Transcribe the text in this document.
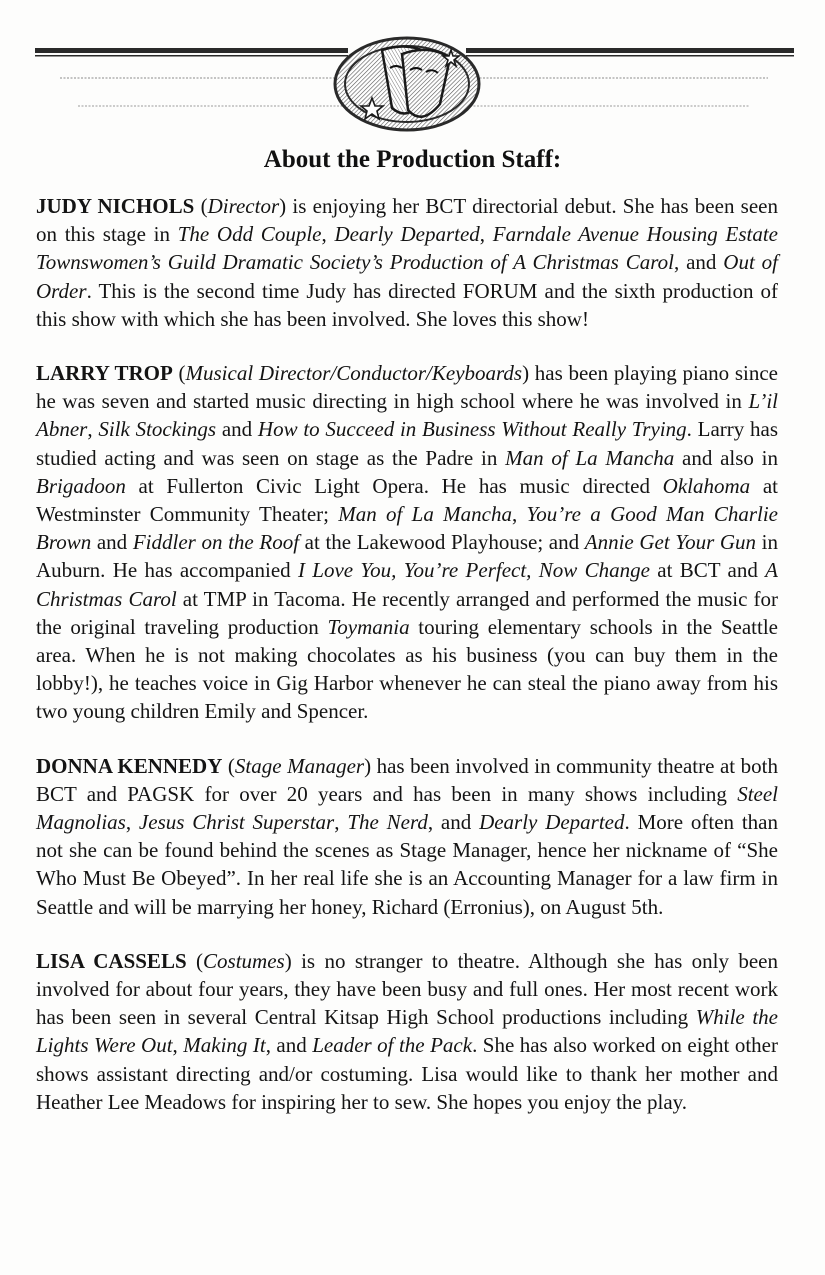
About the Production Staff:

JUDY NICHOLS (Director) is enjoying her BCT directorial debut. She has been seen on this stage in The Odd Couple, Dearly Departed, Farndale Avenue Housing Estate Townswomen’s Guild Dramatic Society’s Production of A Christmas Carol, and Out of Order. This is the second time Judy has directed FORUM and the sixth production of this show with which she has been involved. She loves this show!

LARRY TROP (Musical Director/Conductor/Keyboards) has been playing piano since he was seven and started music directing in high school where he was involved in L’il Abner, Silk Stockings and How to Succeed in Business Without Really Trying. Larry has studied acting and was seen on stage as the Padre in Man of La Mancha and also in Brigadoon at Fullerton Civic Light Opera. He has music directed Oklahoma at Westminster Community Theater; Man of La Mancha, You’re a Good Man Charlie Brown and Fiddler on the Roof at the Lakewood Playhouse; and Annie Get Your Gun in Auburn. He has accompanied I Love You, You’re Perfect, Now Change at BCT and A Christmas Carol at TMP in Tacoma. He recently arranged and performed the music for the original traveling production Toymania touring elementary schools in the Seattle area. When he is not making chocolates as his business (you can buy them in the lobby!), he teaches voice in Gig Harbor whenever he can steal the piano away from his two young children Emily and Spencer.

DONNA KENNEDY (Stage Manager) has been involved in community theatre at both BCT and PAGSK for over 20 years and has been in many shows including Steel Magnolias, Jesus Christ Superstar, The Nerd, and Dearly Departed. More often than not she can be found behind the scenes as Stage Manager, hence her nickname of “She Who Must Be Obeyed”. In her real life she is an Accounting Manager for a law firm in Seattle and will be marrying her honey, Richard (Erronius), on August 5th.

LISA CASSELS (Costumes) is no stranger to theatre. Although she has only been involved for about four years, they have been busy and full ones. Her most recent work has been seen in several Central Kitsap High School productions including While the Lights Were Out, Making It, and Leader of the Pack. She has also worked on eight other shows assistant directing and/or costuming. Lisa would like to thank her mother and Heather Lee Meadows for inspiring her to sew. She hopes you enjoy the play.
